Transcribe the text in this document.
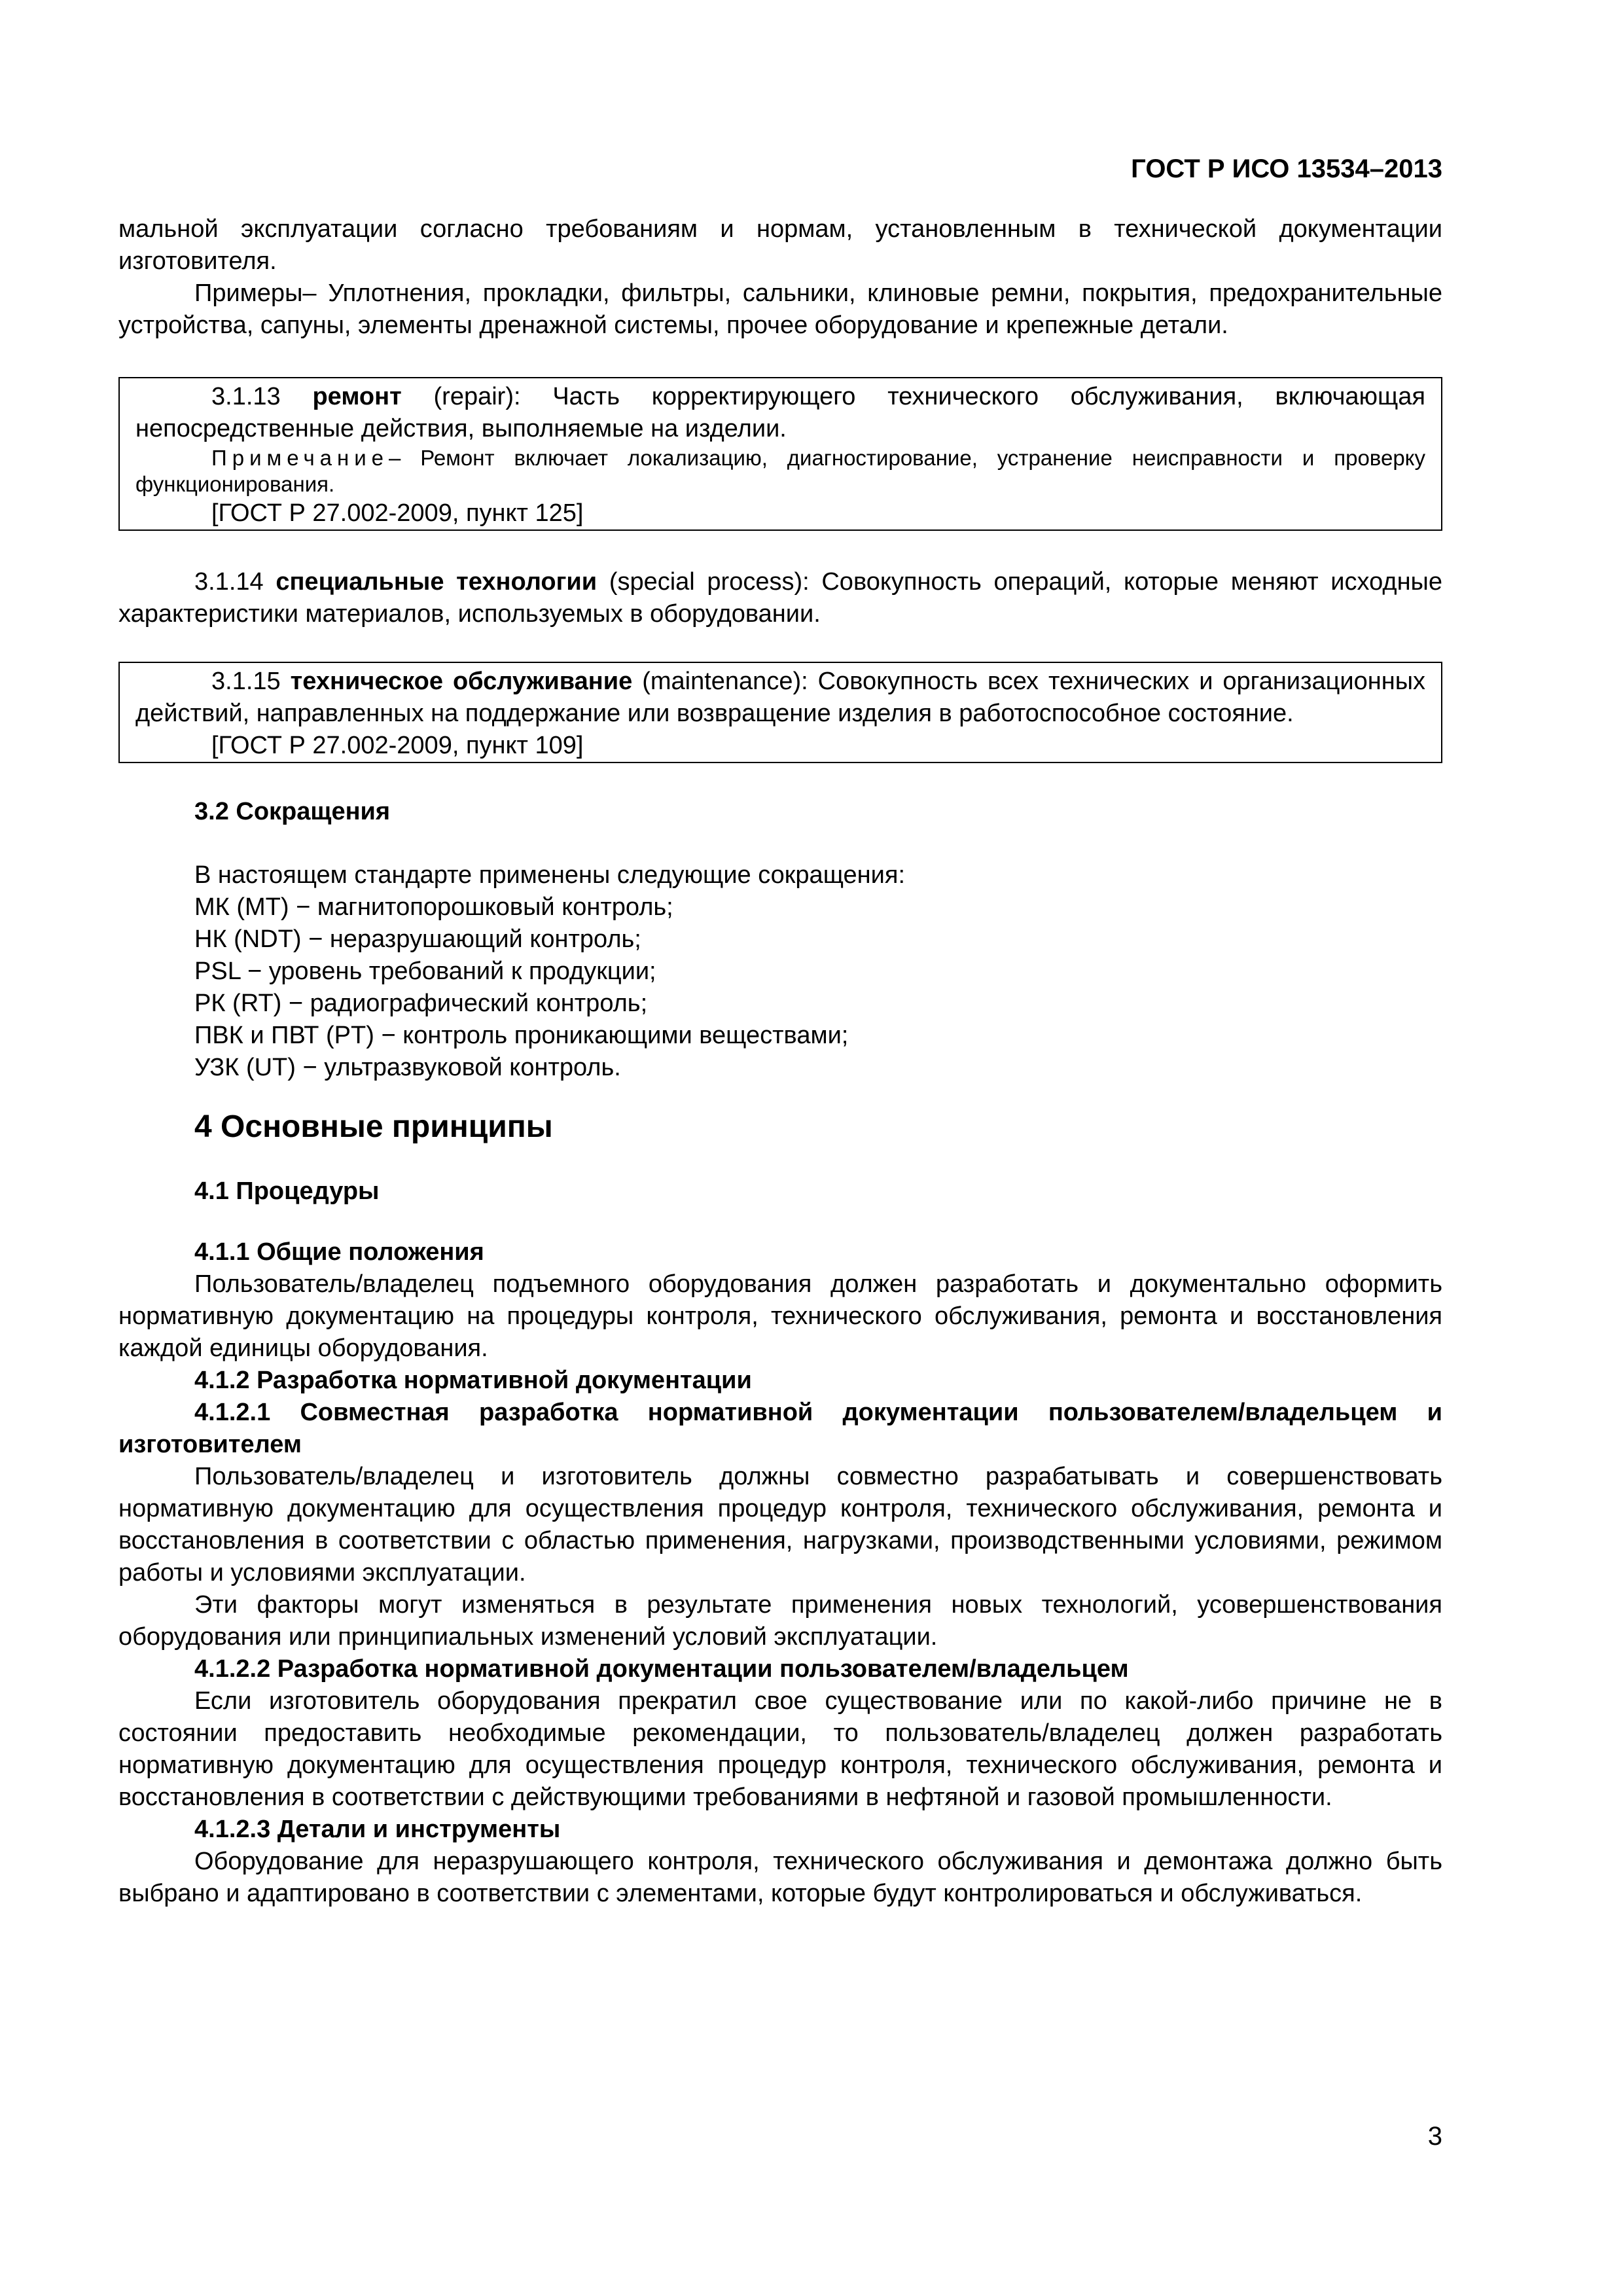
ГОСТ Р ИСО 13534–2013

мальной эксплуатации согласно требованиям и нормам, установленным в технической документации изготовителя.

Примеры– Уплотнения, прокладки, фильтры, сальники, клиновые ремни, покрытия, предохранительные устройства, сапуны, элементы дренажной системы, прочее оборудование и крепежные детали.

3.1.13 ремонт (repair): Часть корректирующего технического обслуживания, включающая непосредственные действия, выполняемые на изделии.

Примечание– Ремонт включает локализацию, диагностирование, устранение неисправности и проверку функционирования.

[ГОСТ Р 27.002-2009, пункт 125]

3.1.14 специальные технологии (special process): Совокупность операций, которые меняют исходные характеристики материалов, используемых в оборудовании.

3.1.15 техническое обслуживание (maintenance): Совокупность всех технических и организационных действий, направленных на поддержание или возвращение изделия в работоспособное состояние.

[ГОСТ Р 27.002-2009, пункт 109]

3.2 Сокращения

В настоящем стандарте применены следующие сокращения:

МК (MT) − магнитопорошковый контроль;

НК (NDT) − неразрушающий контроль;

PSL − уровень требований к продукции;

РК (RT) − радиографический контроль;

ПВК и ПВТ (PT) − контроль проникающими веществами;

УЗК (UT) − ультразвуковой контроль.

4 Основные принципы

4.1 Процедуры

4.1.1 Общие положения

Пользователь/владелец подъемного оборудования должен разработать и документально оформить нормативную документацию на процедуры контроля, технического обслуживания, ремонта и восстановления каждой единицы оборудования.

4.1.2 Разработка нормативной документации

4.1.2.1 Совместная разработка нормативной документации пользователем/владельцем и изготовителем

Пользователь/владелец и изготовитель должны совместно разрабатывать и совершенствовать нормативную документацию для осуществления процедур контроля, технического обслуживания, ремонта и восстановления в соответствии с областью применения, нагрузками, производственными условиями, режимом работы и условиями эксплуатации.

Эти факторы могут изменяться в результате применения новых технологий, усовершенствования оборудования или принципиальных изменений условий эксплуатации.

4.1.2.2 Разработка нормативной документации пользователем/владельцем

Если изготовитель оборудования прекратил свое существование или по какой-либо причине не в состоянии предоставить необходимые рекомендации, то пользователь/владелец должен разработать нормативную документацию для осуществления процедур контроля, технического обслуживания, ремонта и восстановления в соответствии с действующими требованиями в нефтяной и газовой промышленности.

4.1.2.3 Детали и инструменты

Оборудование для неразрушающего контроля, технического обслуживания и демонтажа должно быть выбрано и адаптировано в соответствии с элементами, которые будут контролироваться и обслуживаться.

3
